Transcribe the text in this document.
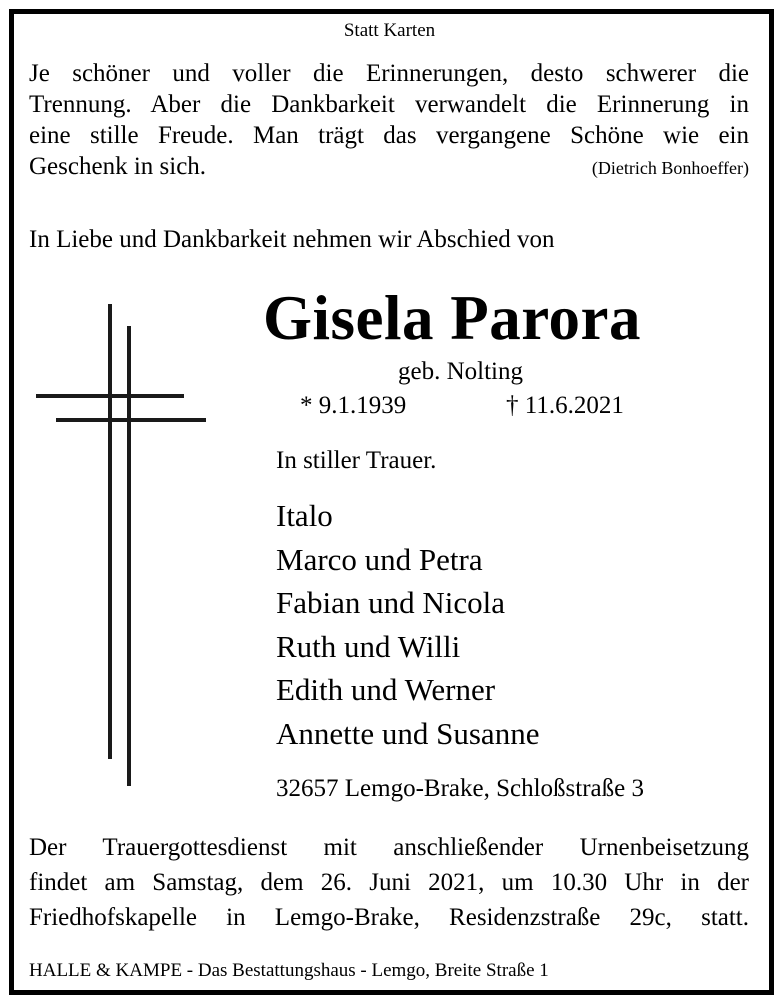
Statt Karten
Je schöner und voller die Erinnerungen, desto schwerer die
Trennung. Aber die Dankbarkeit verwandelt die Erinnerung in
eine stille Freude. Man trägt das vergangene Schöne wie ein
Geschenk in sich.	(Dietrich Bonhoeffer)
In Liebe und Dankbarkeit nehmen wir Abschied von
Gisela Parora
geb. Nolting
* 9.1.1939	† 11.6.2021
In stiller Trauer.
Italo
Marco und Petra
Fabian und Nicola
Ruth und Willi
Edith und Werner
Annette und Susanne
32657 Lemgo-Brake, Schloßstraße 3
Der Trauergottesdienst mit anschließender Urnenbeisetzung
findet am Samstag, dem 26. Juni 2021, um 10.30 Uhr in der
Friedhofskapelle in Lemgo-Brake, Residenzstraße 29c, statt.
HALLE & KAMPE - Das Bestattungshaus - Lemgo, Breite Straße 1
